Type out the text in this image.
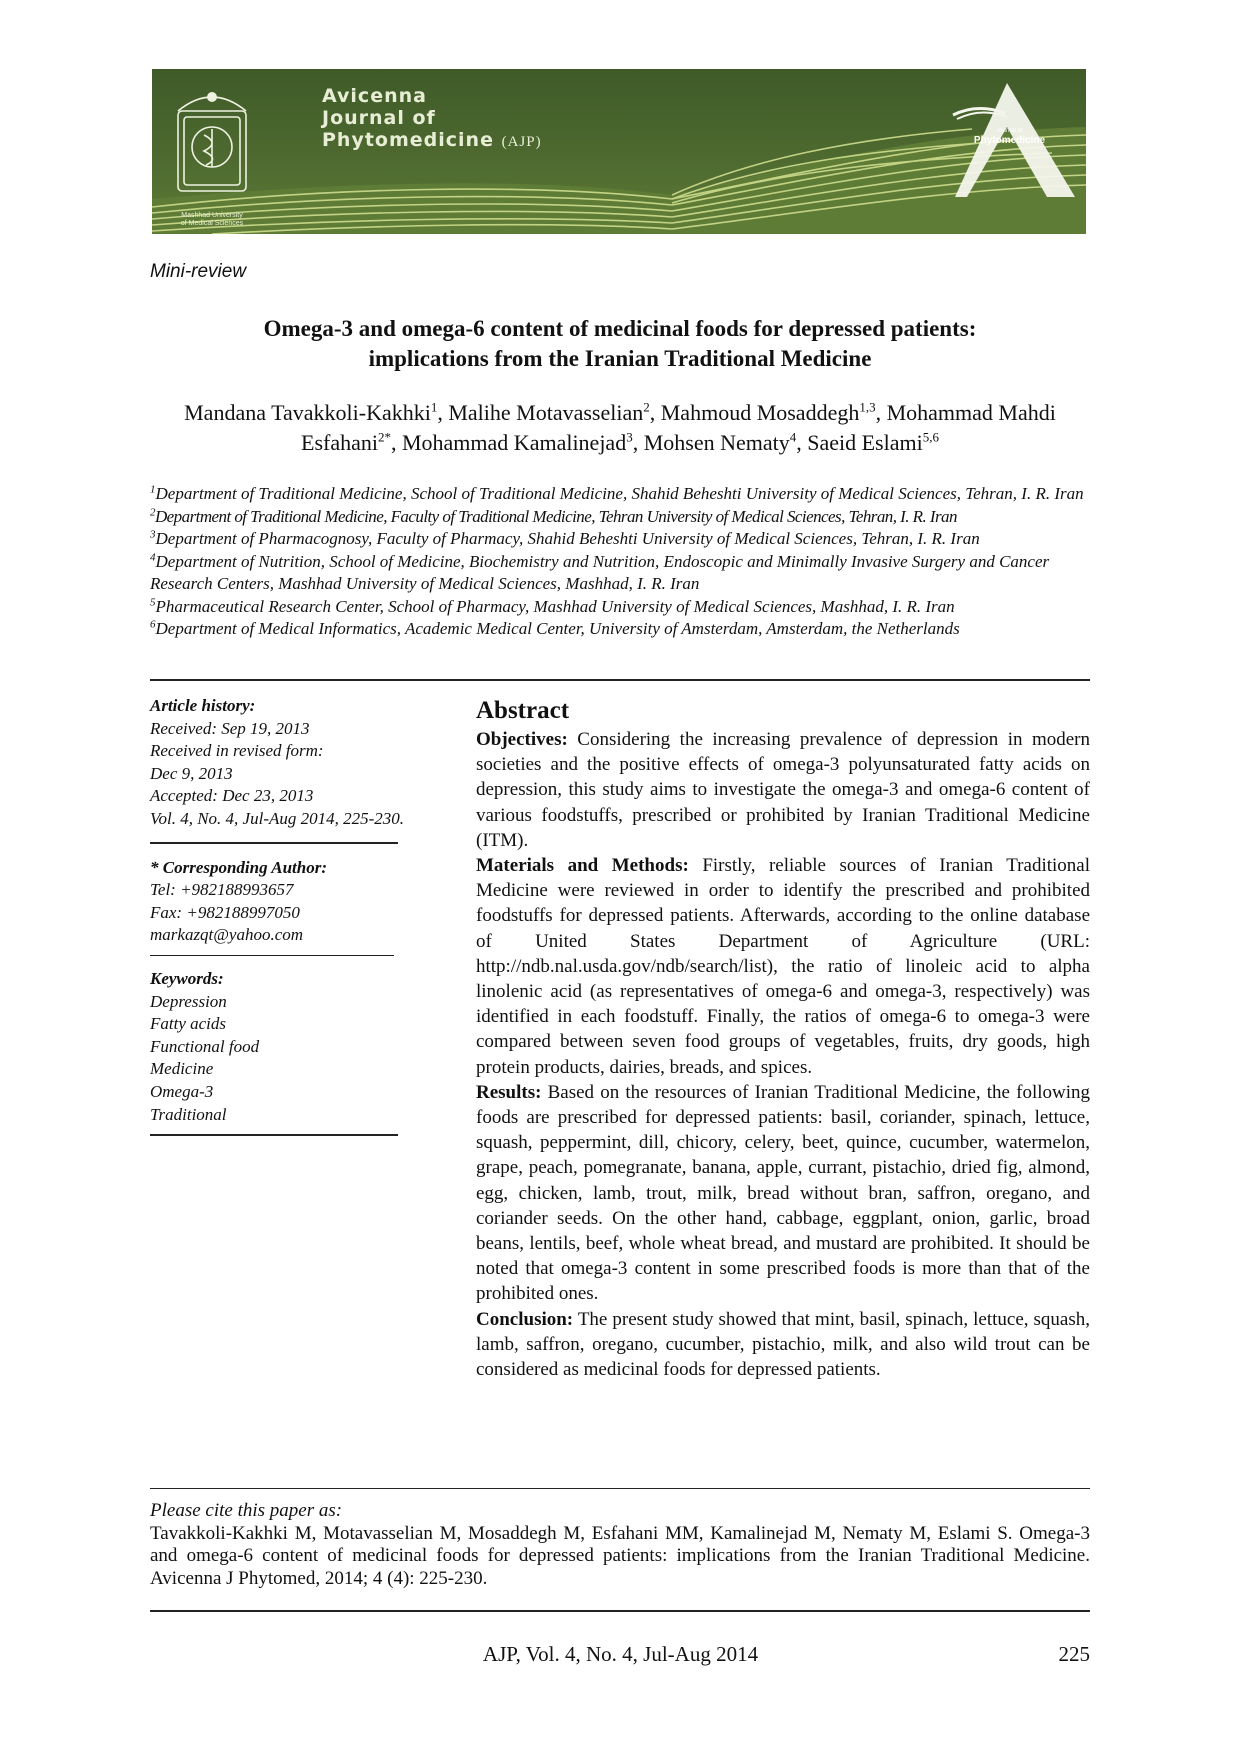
Mashhad University
of Medical Sciences
Avicenna
Journal of
Phytomedicine (AJP)
Journal of
Phytomedicine
Mini-review
Omega-3 and omega-6 content of medicinal foods for depressed patients:
implications from the Iranian Traditional Medicine
Mandana Tavakkoli-Kakhki$^1$, Malihe Motavasselian$^2$, Mahmoud Mosaddegh$^{1,3}$, Mohammad Mahdi Esfahani$^{2*}$, Mohammad Kamalinejad$^3$, Mohsen Nematy$^4$, Saeid Eslami$^{5,6}$

$^1$Department of Traditional Medicine, School of Traditional Medicine, Shahid Beheshti University of Medical Sciences, Tehran, I. R. Iran

$^2$Department of Traditional Medicine, Faculty of Traditional Medicine, Tehran University of Medical Sciences, Tehran, I. R. Iran

$^3$Department of Pharmacognosy, Faculty of Pharmacy, Shahid Beheshti University of Medical Sciences, Tehran, I. R. Iran

$^4$Department of Nutrition, School of Medicine, Biochemistry and Nutrition, Endoscopic and Minimally Invasive Surgery and Cancer Research Centers, Mashhad University of Medical Sciences, Mashhad, I. R. Iran

$^5$Pharmaceutical Research Center, School of Pharmacy, Mashhad University of Medical Sciences, Mashhad, I. R. Iran

$^6$Department of Medical Informatics, Academic Medical Center, University of Amsterdam, Amsterdam, the Netherlands

Article history:

Received: Sep 19, 2013

Received in revised form:

Dec 9, 2013

Accepted: Dec 23, 2013

Vol. 4, No. 4, Jul-Aug 2014, 225-230.

* Corresponding Author:

Tel: +982188993657

Fax: +982188997050

markazqt@yahoo.com

Keywords:

Depression

Fatty acids

Functional food

Medicine

Omega-3

Traditional

Abstract

Objectives: Considering the increasing prevalence of depression in modern societies and the positive effects of omega-3 polyunsaturated fatty acids on depression, this study aims to investigate the omega-3 and omega-6 content of various foodstuffs, prescribed or prohibited by Iranian Traditional Medicine (ITM).

Materials and Methods: Firstly, reliable sources of Iranian Traditional Medicine were reviewed in order to identify the prescribed and prohibited foodstuffs for depressed patients. Afterwards, according to the online database of United States Department of Agriculture (URL: http://ndb.nal.usda.gov/ndb/search/list), the ratio of linoleic acid to alpha linolenic acid (as representatives of omega-6 and omega-3, respectively) was identified in each foodstuff. Finally, the ratios of omega-6 to omega-3 were compared between seven food groups of vegetables, fruits, dry goods, high protein products, dairies, breads, and spices.

Results: Based on the resources of Iranian Traditional Medicine, the following foods are prescribed for depressed patients: basil, coriander, spinach, lettuce, squash, peppermint, dill, chicory, celery, beet, quince, cucumber, watermelon, grape, peach, pomegranate, banana, apple, currant, pistachio, dried fig, almond, egg, chicken, lamb, trout, milk, bread without bran, saffron, oregano, and coriander seeds. On the other hand, cabbage, eggplant, onion, garlic, broad beans, lentils, beef, whole wheat bread, and mustard are prohibited. It should be noted that omega-3 content in some prescribed foods is more than that of the prohibited ones.

Conclusion: The present study showed that mint, basil, spinach, lettuce, squash, lamb, saffron, oregano, cucumber, pistachio, milk, and also wild trout can be considered as medicinal foods for depressed patients.

Please cite this paper as:
Tavakkoli-Kakhki M, Motavasselian M, Mosaddegh M, Esfahani MM, Kamalinejad M, Nematy M, Eslami S. Omega-3 and omega-6 content of medicinal foods for depressed patients: implications from the Iranian Traditional Medicine. Avicenna J Phytomed, 2014; 4 (4): 225-230.
AJP, Vol. 4, No. 4, Jul-Aug 2014	225
